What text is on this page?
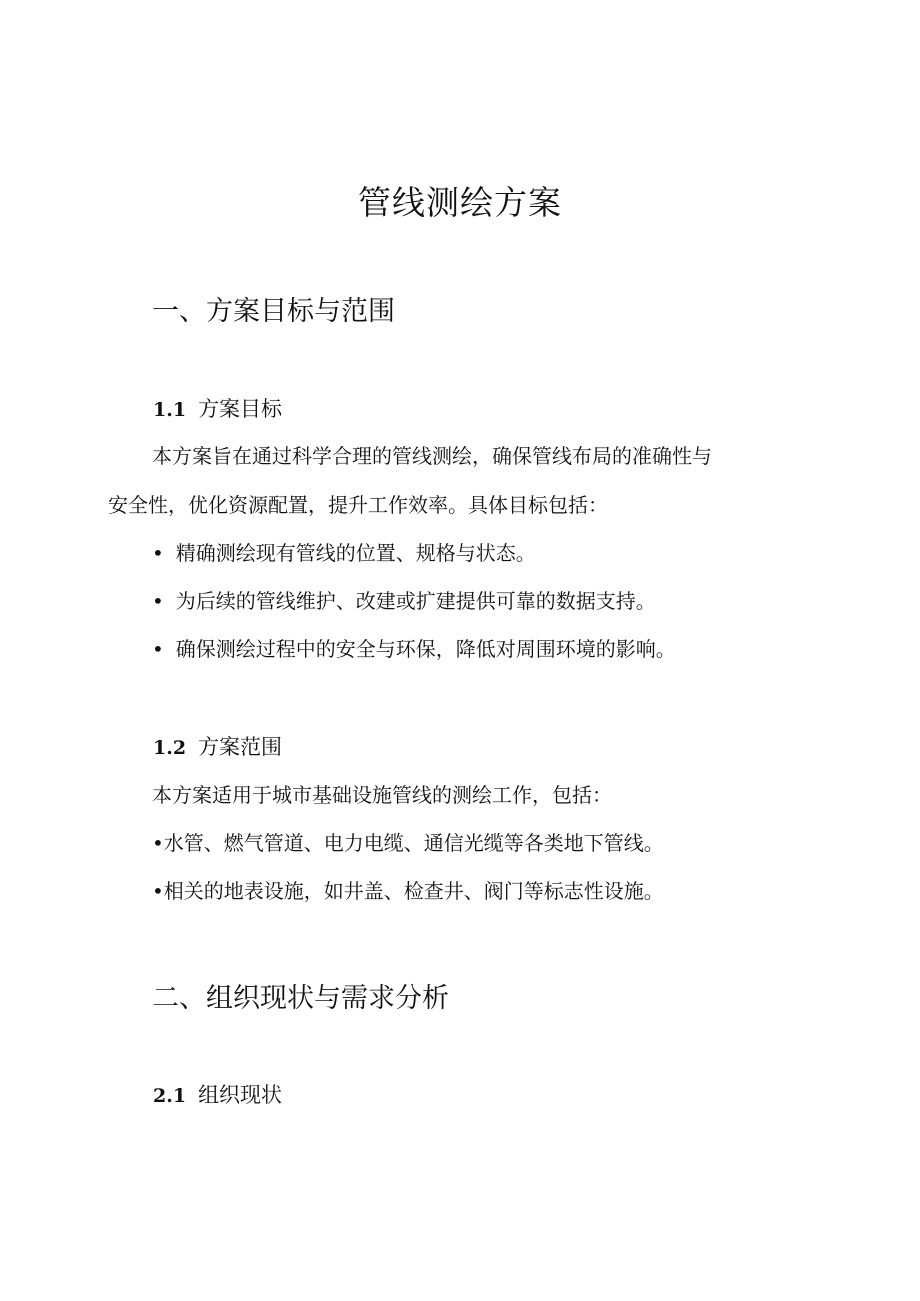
管线测绘方案
一、方案目标与范围
1.1 方案目标
本方案旨在通过科学合理的管线测绘，确保管线布局的准确性与
安全性，优化资源配置，提升工作效率。具体目标包括：
• 精确测绘现有管线的位置、规格与状态。
• 为后续的管线维护、改建或扩建提供可靠的数据支持。
• 确保测绘过程中的安全与环保，降低对周围环境的影响。
1.2 方案范围
本方案适用于城市基础设施管线的测绘工作，包括：
•水管、燃气管道、电力电缆、通信光缆等各类地下管线。
•相关的地表设施，如井盖、检查井、阀门等标志性设施。
二、组织现状与需求分析
2.1 组织现状
